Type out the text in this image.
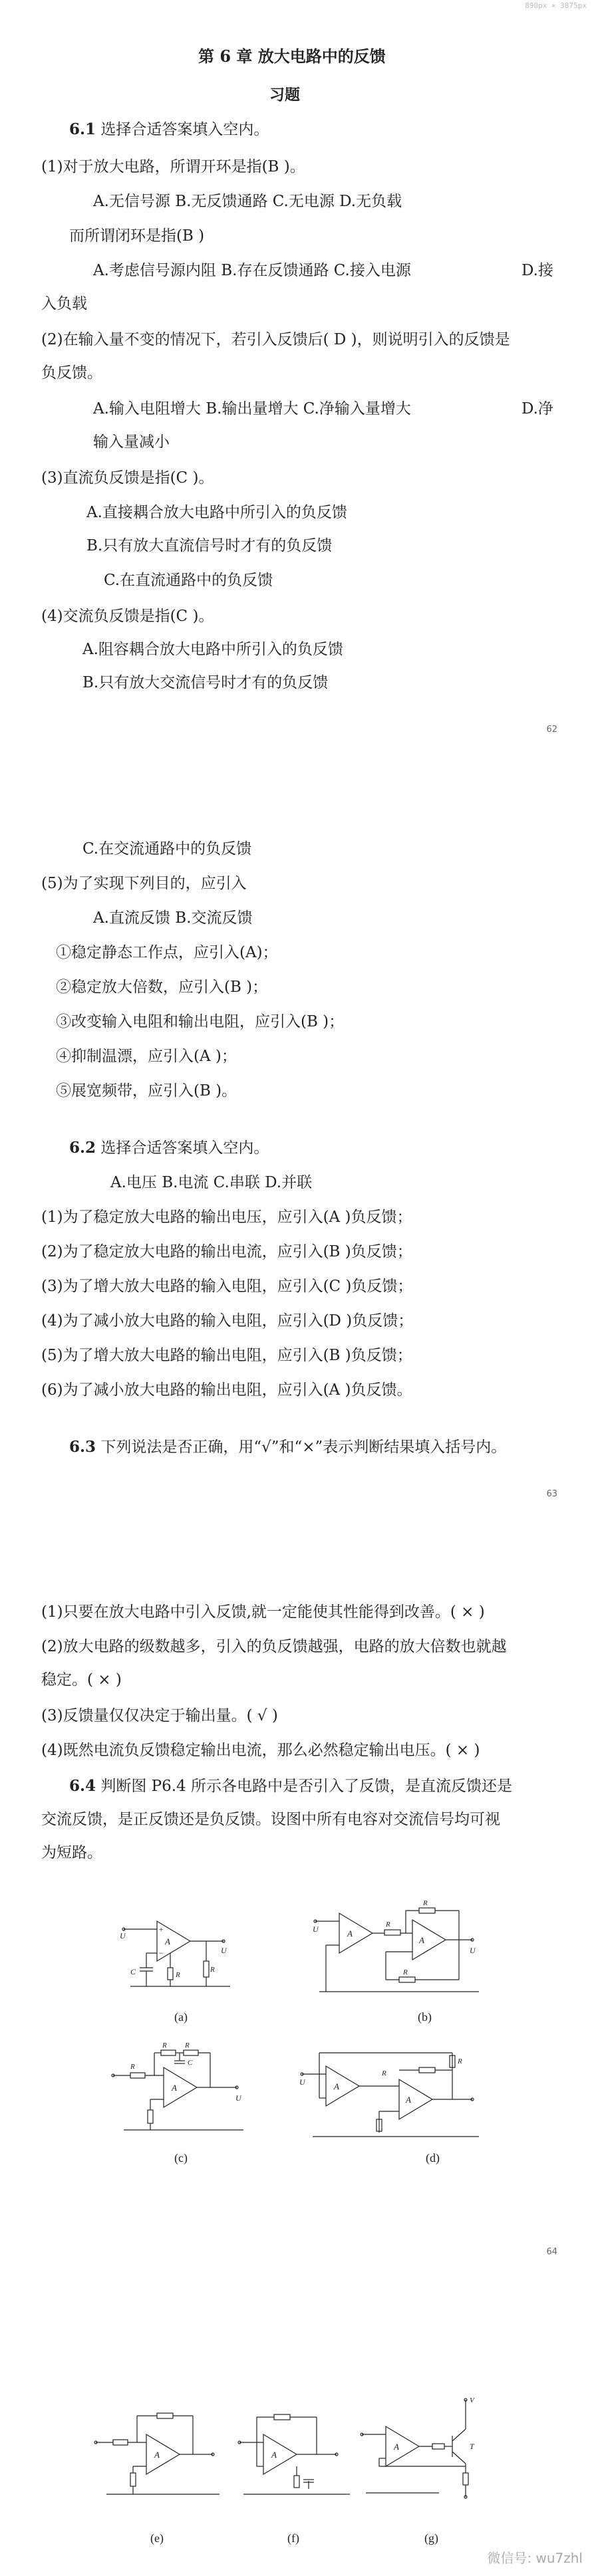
890px × 3875px
第 6 章 放大电路中的反馈
习题
6.1 选择合适答案填入空内。
(1)对于放大电路，所谓开环是指(B )。
A.无信号源 B.无反馈通路 C.无电源 D.无负载
而所谓闭环是指(B )
A.考虑信号源内阻 B.存在反馈通路 C.接入电源	D.接
入负载
(2)在输入量不变的情况下，若引入反馈后( D )，则说明引入的反馈是
负反馈。
A.输入电阻增大 B.输出量增大 C.净输入量增大	D.净
输入量减小
(3)直流负反馈是指(C )。
A.直接耦合放大电路中所引入的负反馈
B.只有放大直流信号时才有的负反馈
C.在直流通路中的负反馈
(4)交流负反馈是指(C )。
A.阻容耦合放大电路中所引入的负反馈
B.只有放大交流信号时才有的负反馈
62
C.在交流通路中的负反馈
(5)为了实现下列目的，应引入
A.直流反馈 B.交流反馈
①稳定静态工作点，应引入(A)；
②稳定放大倍数，应引入(B )；
③改变输入电阻和输出电阻，应引入(B )；
④抑制温漂，应引入(A )；
⑤展宽频带，应引入(B )。
6.2 选择合适答案填入空内。
A.电压 B.电流 C.串联 D.并联
(1)为了稳定放大电路的输出电压，应引入(A )负反馈；
(2)为了稳定放大电路的输出电流，应引入(B )负反馈；
(3)为了增大放大电路的输入电阻，应引入(C )负反馈；
(4)为了减小放大电路的输入电阻，应引入(D )负反馈；
(5)为了增大放大电路的输出电阻，应引入(B )负反馈；
(6)为了减小放大电路的输出电阻，应引入(A )负反馈。
6.3 下列说法是否正确，用“√”和“×”表示判断结果填入括号内。
63
(1)只要在放大电路中引入反馈,就一定能使其性能得到改善。( × )
(2)放大电路的级数越多，引入的负反馈越强，电路的放大倍数也就越
稳定。( × )
(3)反馈量仅仅决定于输出量。( √ )
(4)既然电流负反馈稳定输出电流，那么必然稳定输出电压。( × )
6.4 判断图 P6.4 所示各电路中是否引入了反馈，是直流反馈还是
交流反馈，是正反馈还是负反馈。设图中所有电容对交流信号均可视
为短路。
A
+
−
U
U
C	R
R
(a)
A
A
U	R
U
R
R
(b)
A
R
R R
C
U
(c)
A
A
U
R
R
(d)
64
A
(e)
A
(f)
A	T
V
(g)
微信号: wu7zhl
